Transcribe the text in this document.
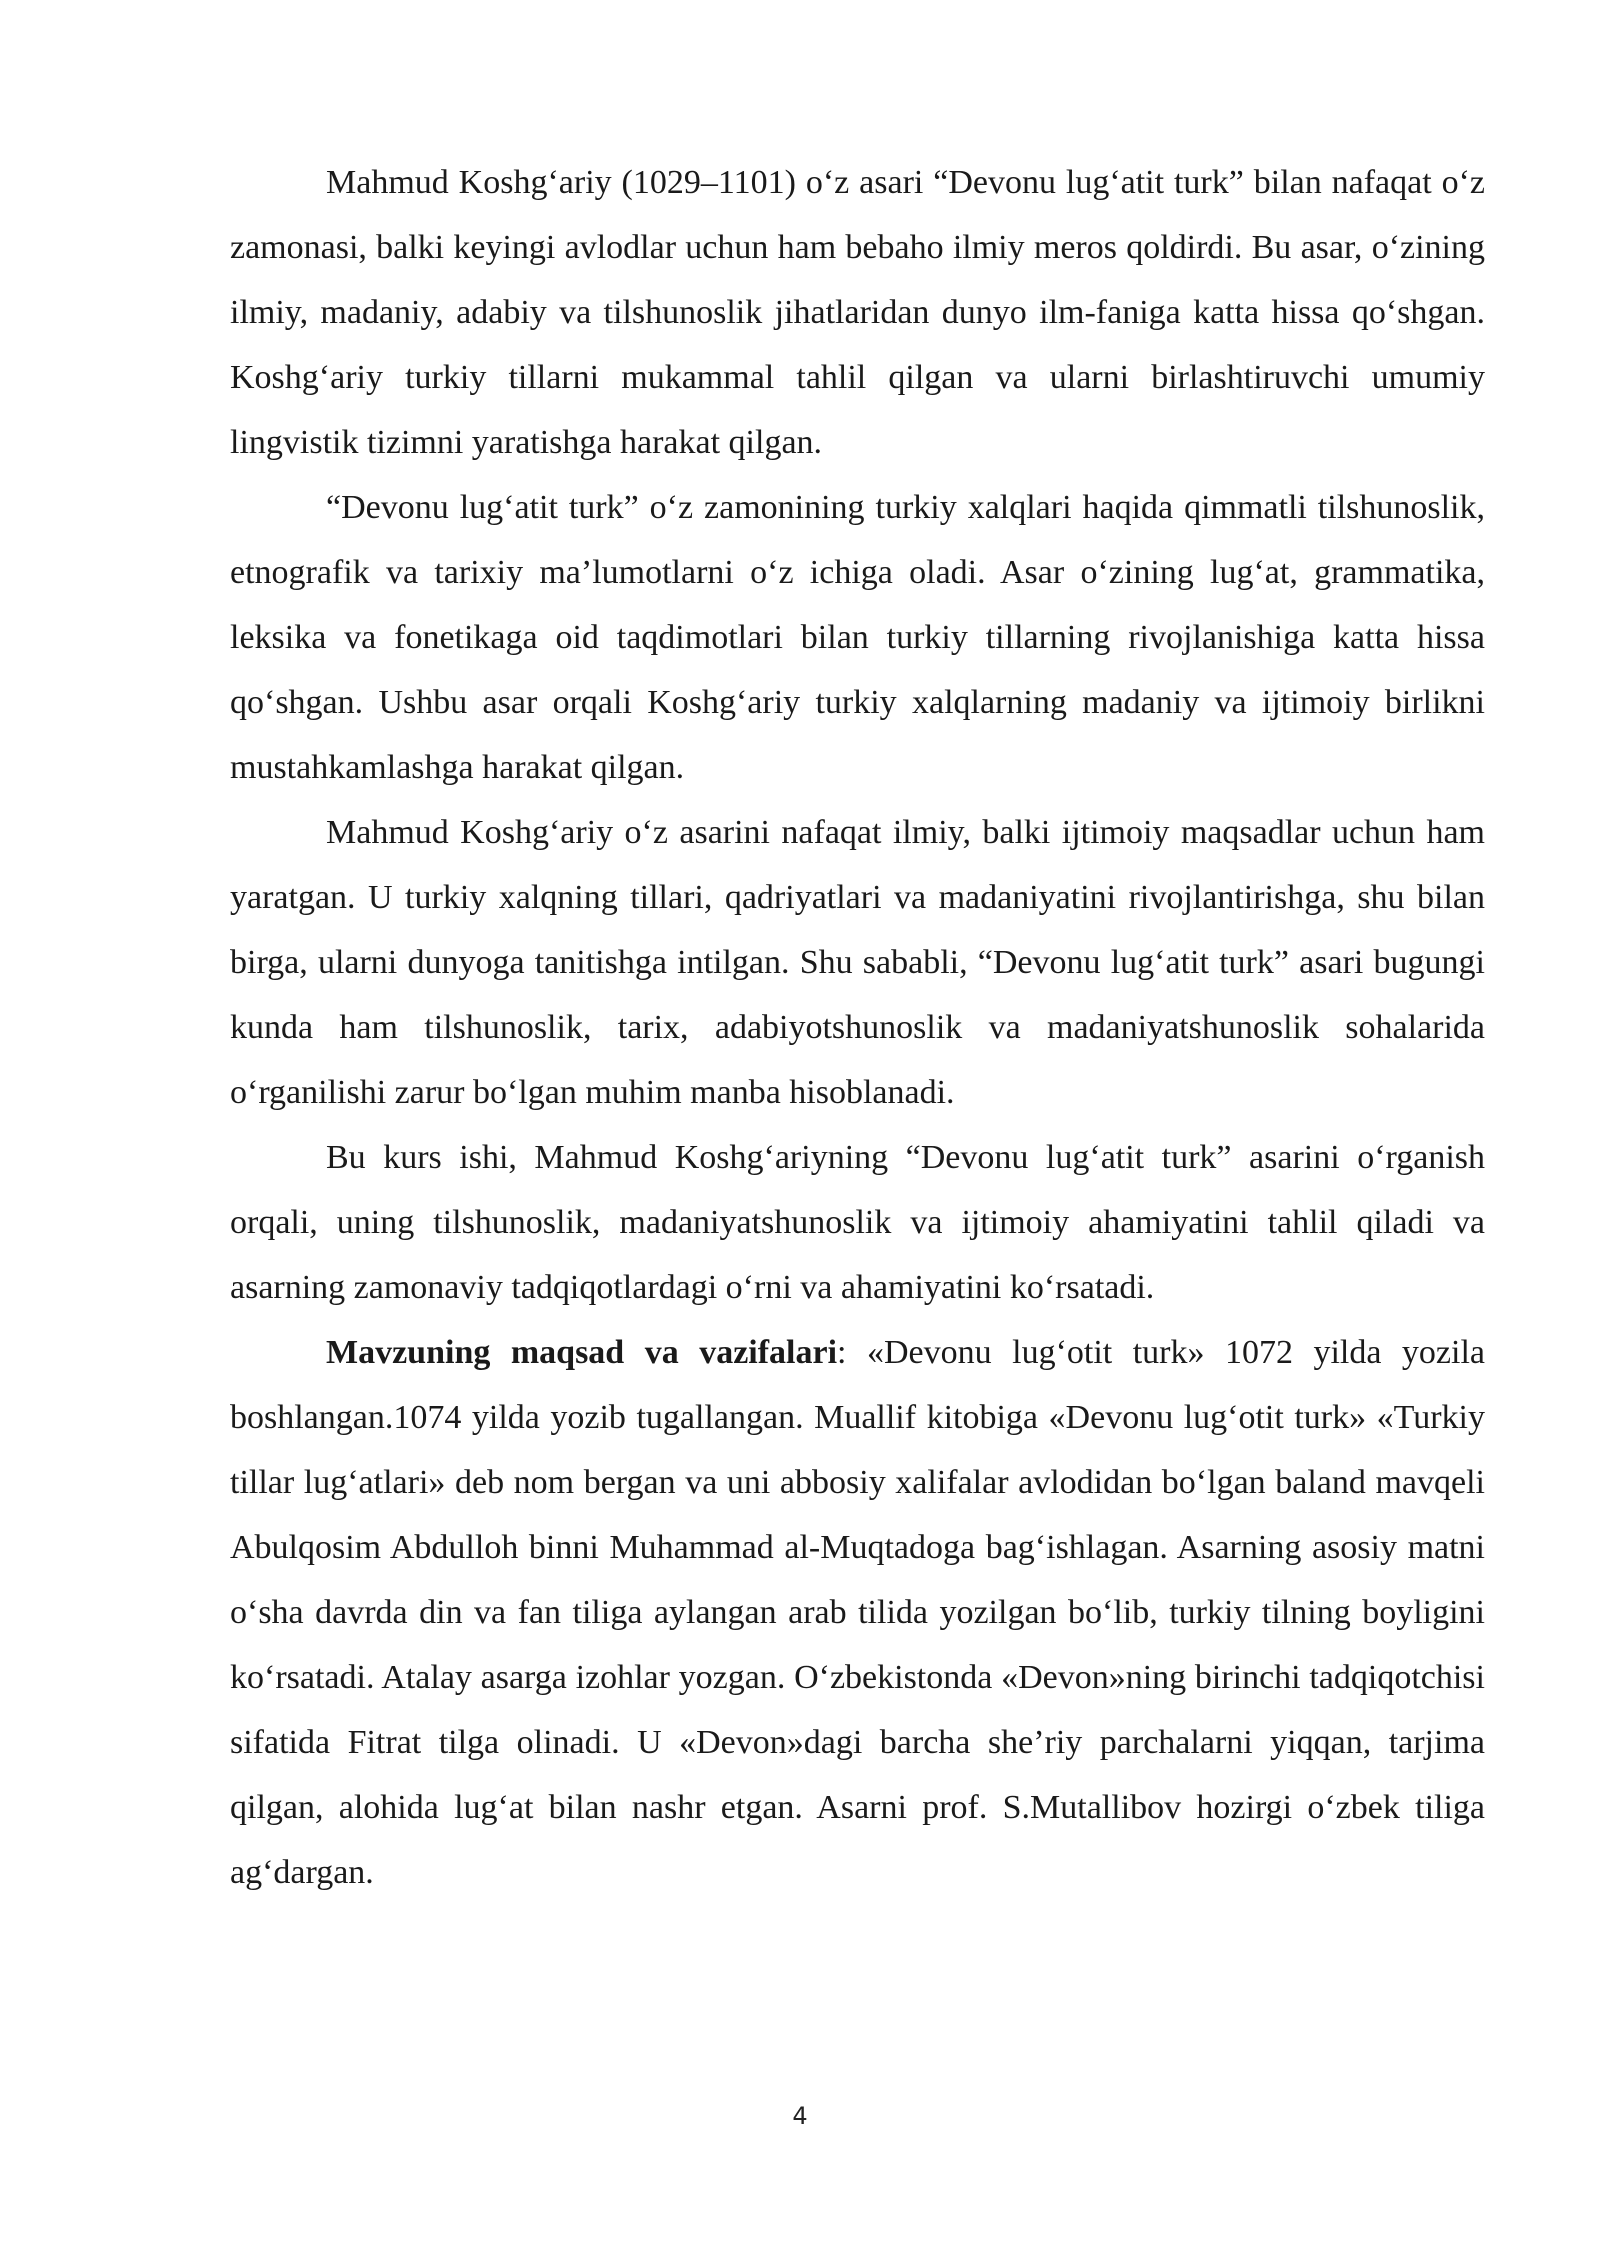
Mahmud Koshg‘ariy (1029–1101) o‘z asari “Devonu lug‘atit turk” bilan nafaqat o‘z zamonasi, balki keyingi avlodlar uchun ham bebaho ilmiy meros qoldirdi. Bu asar, o‘zining ilmiy, madaniy, adabiy va tilshunoslik jihatlaridan dunyo ilm-faniga katta hissa qo‘shgan. Koshg‘ariy turkiy tillarni mukammal tahlil qilgan va ularni birlashtiruvchi umumiy lingvistik tizimni yaratishga harakat qilgan.

“Devonu lug‘atit turk” o‘z zamonining turkiy xalqlari haqida qimmatli tilshunoslik, etnografik va tarixiy ma’lumotlarni o‘z ichiga oladi. Asar o‘zining lug‘at, grammatika, leksika va fonetikaga oid taqdimotlari bilan turkiy tillarning rivojlanishiga katta hissa qo‘shgan. Ushbu asar orqali Koshg‘ariy turkiy xalqlarning madaniy va ijtimoiy birlikni mustahkamlashga harakat qilgan.

Mahmud Koshg‘ariy o‘z asarini nafaqat ilmiy, balki ijtimoiy maqsadlar uchun ham yaratgan. U turkiy xalqning tillari, qadriyatlari va madaniyatini rivojlantirishga, shu bilan birga, ularni dunyoga tanitishga intilgan. Shu sababli, “Devonu lug‘atit turk” asari bugungi kunda ham tilshunoslik, tarix, adabiyotshunoslik va madaniyatshunoslik sohalarida o‘rganilishi zarur bo‘lgan muhim manba hisoblanadi.

Bu kurs ishi, Mahmud Koshg‘ariyning “Devonu lug‘atit turk” asarini o‘rganish orqali, uning tilshunoslik, madaniyatshunoslik va ijtimoiy ahamiyatini tahlil qiladi va asarning zamonaviy tadqiqotlardagi o‘rni va ahamiyatini ko‘rsatadi.

Mavzuning maqsad va vazifalari: «Devonu lug‘otit turk» 1072 yilda yozila boshlangan.1074 yilda yozib tugallangan. Muallif kitobiga «Devonu lug‘otit turk» «Turkiy tillar lug‘atlari» deb nom bergan va uni abbosiy xalifalar avlodidan bo‘lgan baland mavqeli Abulqosim Abdulloh binni Muhammad al-Muqtadoga bag‘ishlagan. Asarning asosiy matni o‘sha davrda din va fan tiliga aylangan arab tilida yozilgan bo‘lib, turkiy tilning boyligini ko‘rsatadi. Atalay asarga izohlar yozgan. O‘zbekistonda «Devon»ning birinchi tadqiqotchisi sifatida Fitrat tilga olinadi. U «Devon»dagi barcha she’riy parchalarni yiqqan, tarjima qilgan, alohida lug‘at bilan nashr etgan. Asarni prof. S.Mutallibov hozirgi o‘zbek tiliga ag‘dargan.

4
